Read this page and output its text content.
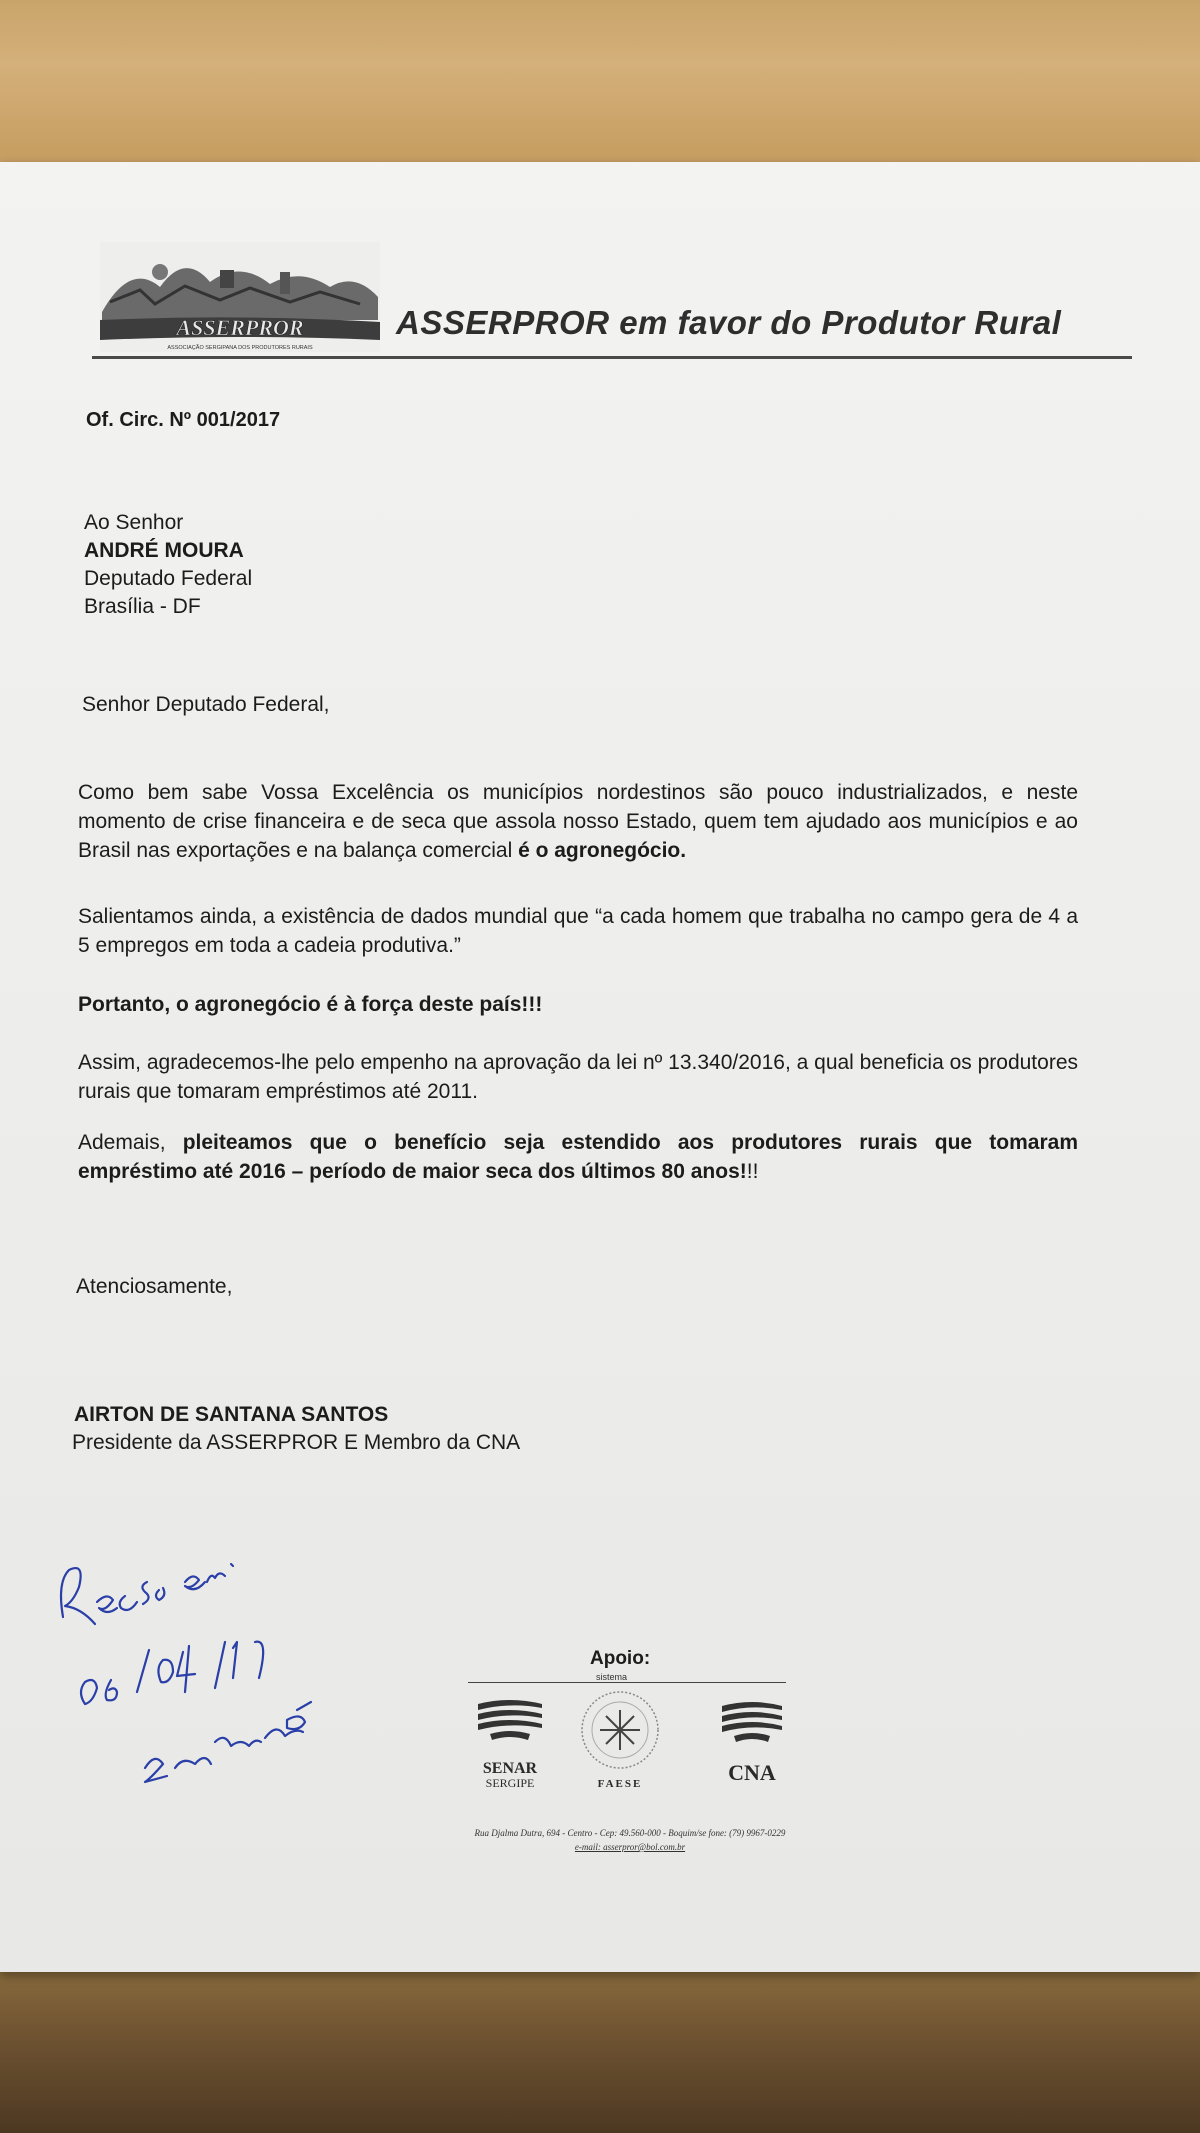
ASSERPROR
ASSOCIAÇÃO SERGIPANA DOS PRODUTORES RURAIS
ASSERPROR em favor do Produtor Rural
Of. Circ. Nº 001/2017
Ao Senhor
ANDRÉ MOURA
Deputado Federal
Brasília - DF
Senhor Deputado Federal,
Como bem sabe Vossa Excelência os municípios nordestinos são pouco industrializados, e neste momento de crise financeira e de seca que assola nosso Estado, quem tem ajudado aos municípios e ao Brasil nas exportações e na balança comercial é o agronegócio.
Salientamos ainda, a existência de dados mundial que “a cada homem que trabalha no campo gera de 4 a 5 empregos em toda a cadeia produtiva.”
Portanto, o agronegócio é à força deste país!!!
Assim, agradecemos-lhe pelo empenho na aprovação da lei nº 13.340/2016, a qual beneficia os produtores rurais que tomaram empréstimos até 2011.
Ademais, pleiteamos que o benefício seja estendido aos produtores rurais que tomaram empréstimo até 2016 – período de maior seca dos últimos 80 anos!!!
Atenciosamente,
AIRTON DE SANTANA SANTOS
Presidente da ASSERPROR E Membro da CNA
Apoio:
sistema
SENAR
SERGIPE	FAESE	CNA
Rua Djalma Dutra, 694 - Centro - Cep: 49.560-000 - Boquim/se fone: (79) 9967-0229
e-mail: asserpror@bol.com.br
